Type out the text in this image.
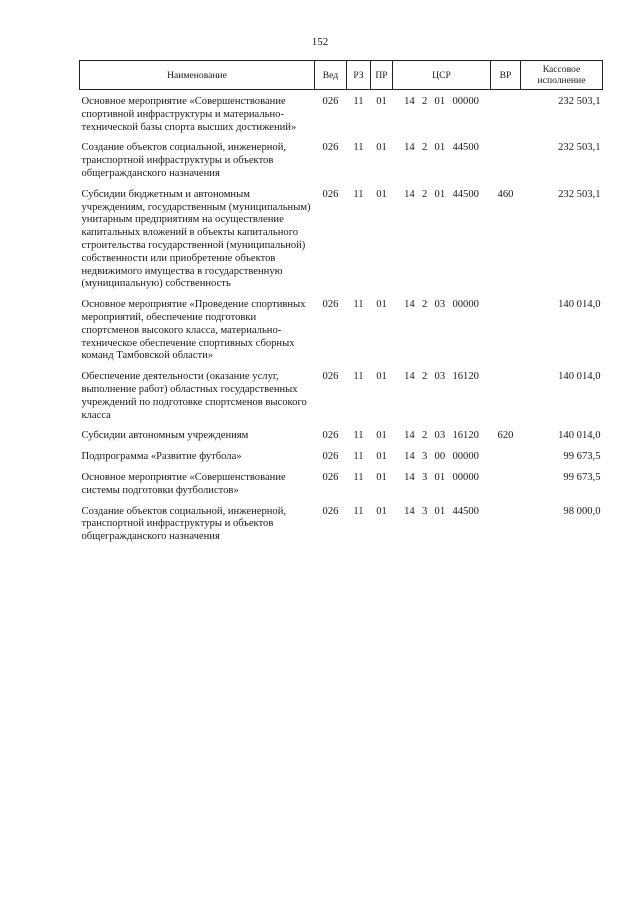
152
Наименование	Вед	РЗ	ПР	ЦСР	ВР	Кассовое исполнение
Основное мероприятие «Совершенствование спортивной инфраструктуры и материально-технической базы спорта высших достижений»	026	11	01	14 2 01 00000		232 503,1
Создание объектов социальной, инженерной, транспортной инфраструктуры и объектов общегражданского назначения	026	11	01	14 2 01 44500		232 503,1
Субсидии бюджетным и автономным учреждениям, государственным (муниципальным) унитарным предприятиям на осуществление капитальных вложений в объекты капитального строительства государственной (муниципальной) собственности или приобретение объектов недвижимого имущества в государственную (муниципальную) собственность	026	11	01	14 2 01 44500	460	232 503,1
Основное мероприятие «Проведение спортивных мероприятий, обеспечение подготовки спортсменов высокого класса, материально-техническое обеспечение спортивных сборных команд Тамбовской области»	026	11	01	14 2 03 00000		140 014,0
Обеспечение деятельности (оказание услуг, выполнение работ) областных государственных учреждений по подготовке спортсменов высокого класса	026	11	01	14 2 03 16120		140 014,0
Субсидии автономным учреждениям	026	11	01	14 2 03 16120	620	140 014,0
Подпрограмма «Развитие футбола»	026	11	01	14 3 00 00000		99 673,5
Основное мероприятие «Совершенствование системы подготовки футболистов»	026	11	01	14 3 01 00000		99 673,5
Создание объектов социальной, инженерной, транспортной инфраструктуры и объектов общегражданского назначения	026	11	01	14 3 01 44500		98 000,0
